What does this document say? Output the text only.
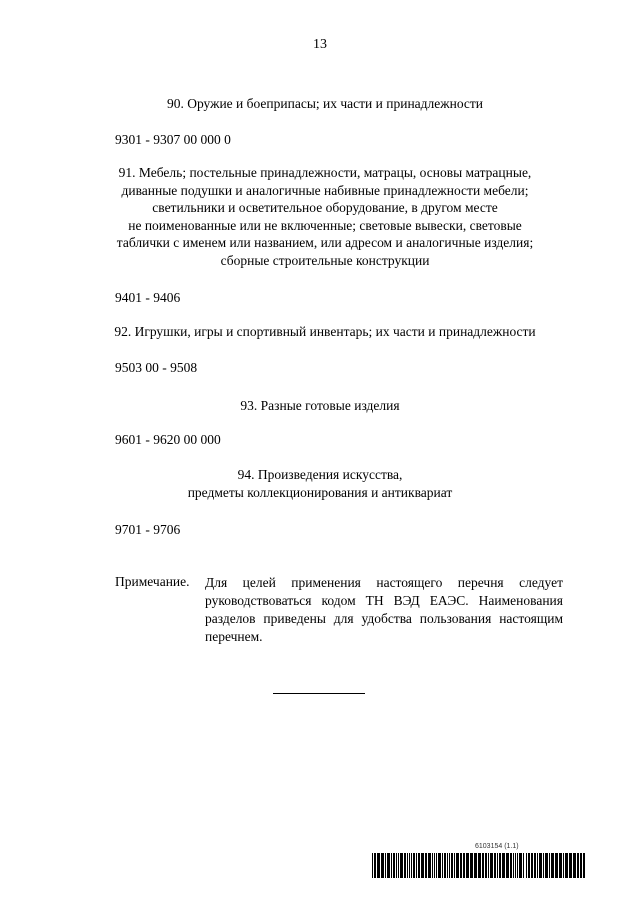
13
90. Оружие и боеприпасы; их части и принадлежности
9301 - 9307 00 000 0
91. Мебель; постельные принадлежности, матрацы, основы матрацные,
диванные подушки и аналогичные набивные принадлежности мебели;
светильники и осветительное оборудование, в другом месте
не поименованные или не включенные; световые вывески, световые
таблички с именем или названием, или адресом и аналогичные изделия;
сборные строительные конструкции
9401 - 9406
92. Игрушки, игры и спортивный инвентарь; их части и принадлежности
9503 00 - 9508
93. Разные готовые изделия
9601 - 9620 00 000
94. Произведения искусства,
предметы коллекционирования и антиквариат
9701 - 9706
Примечание. Для целей применения настоящего перечня следует руководствоваться кодом ТН ВЭД ЕАЭС. Наименования разделов приведены для удобства пользования настоящим перечнем.
6103154 (1.1)
